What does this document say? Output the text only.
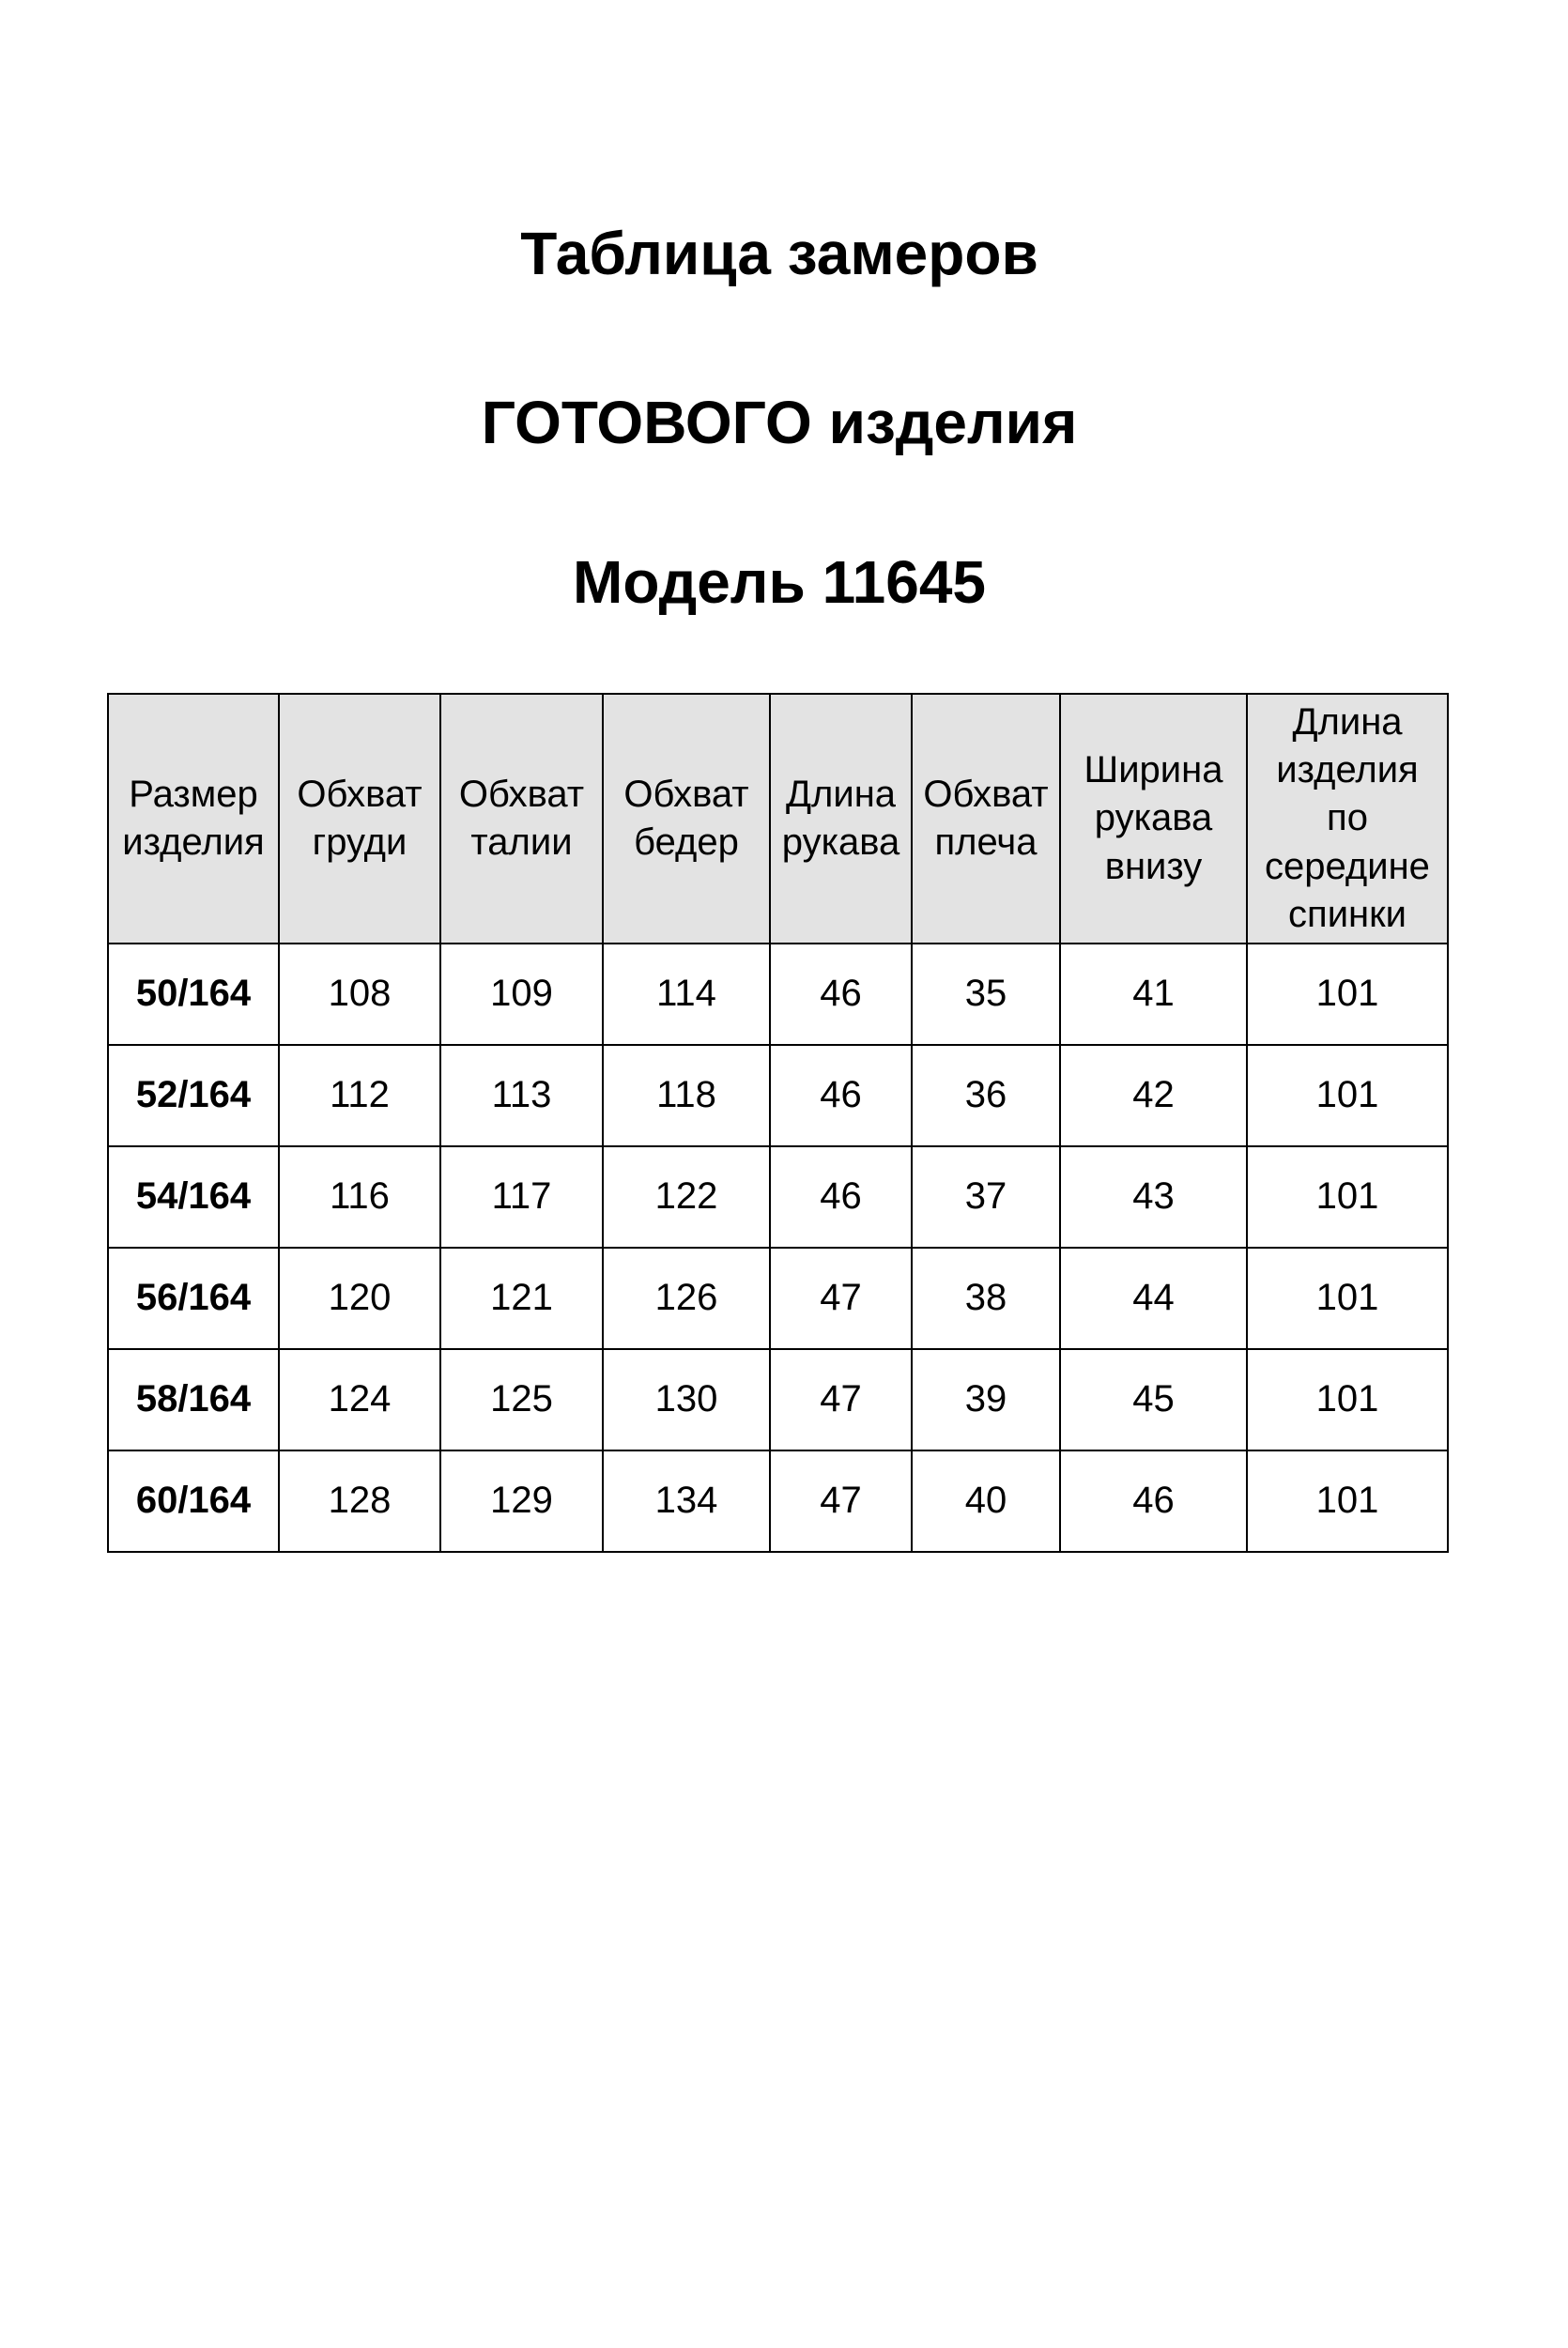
Таблица замеров
ГОТОВОГО изделия
Модель 11645
Размер изделия	Обхват груди	Обхват талии	Обхват бедер	Длина рукава	Обхват плеча	Ширина рукава внизу	Длина изделия по середине спинки
50/164	108	109	114	46	35	41	101
52/164	112	113	118	46	36	42	101
54/164	116	117	122	46	37	43	101
56/164	120	121	126	47	38	44	101
58/164	124	125	130	47	39	45	101
60/164	128	129	134	47	40	46	101
